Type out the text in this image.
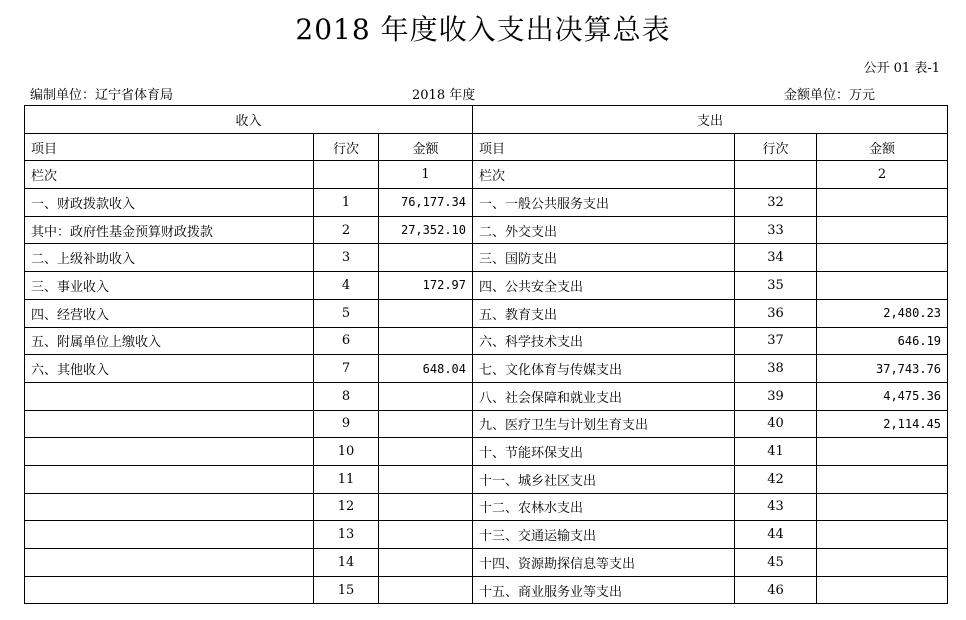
2018 年度收入支出决算总表
公开 01 表-1
编制单位：辽宁省体育局	2018 年度	金额单位：万元
收入			支出		
项目	行次	金额	项目	行次	金额
栏次		1	栏次		2
一、财政拨款收入	1	76,177.34	一、一般公共服务支出	32	
其中：政府性基金预算财政拨款	2	27,352.10	二、外交支出	33	
二、上级补助收入	3		三、国防支出	34	
三、事业收入	4	172.97	四、公共安全支出	35	
四、经营收入	5		五、教育支出	36	2,480.23
五、附属单位上缴收入	6		六、科学技术支出	37	646.19
六、其他收入	7	648.04	七、文化体育与传媒支出	38	37,743.76
	8		八、社会保障和就业支出	39	4,475.36
	9		九、医疗卫生与计划生育支出	40	2,114.45
	10		十、节能环保支出	41	
	11		十一、城乡社区支出	42	
	12		十二、农林水支出	43	
	13		十三、交通运输支出	44	
	14		十四、资源勘探信息等支出	45	
	15		十五、商业服务业等支出	46	
